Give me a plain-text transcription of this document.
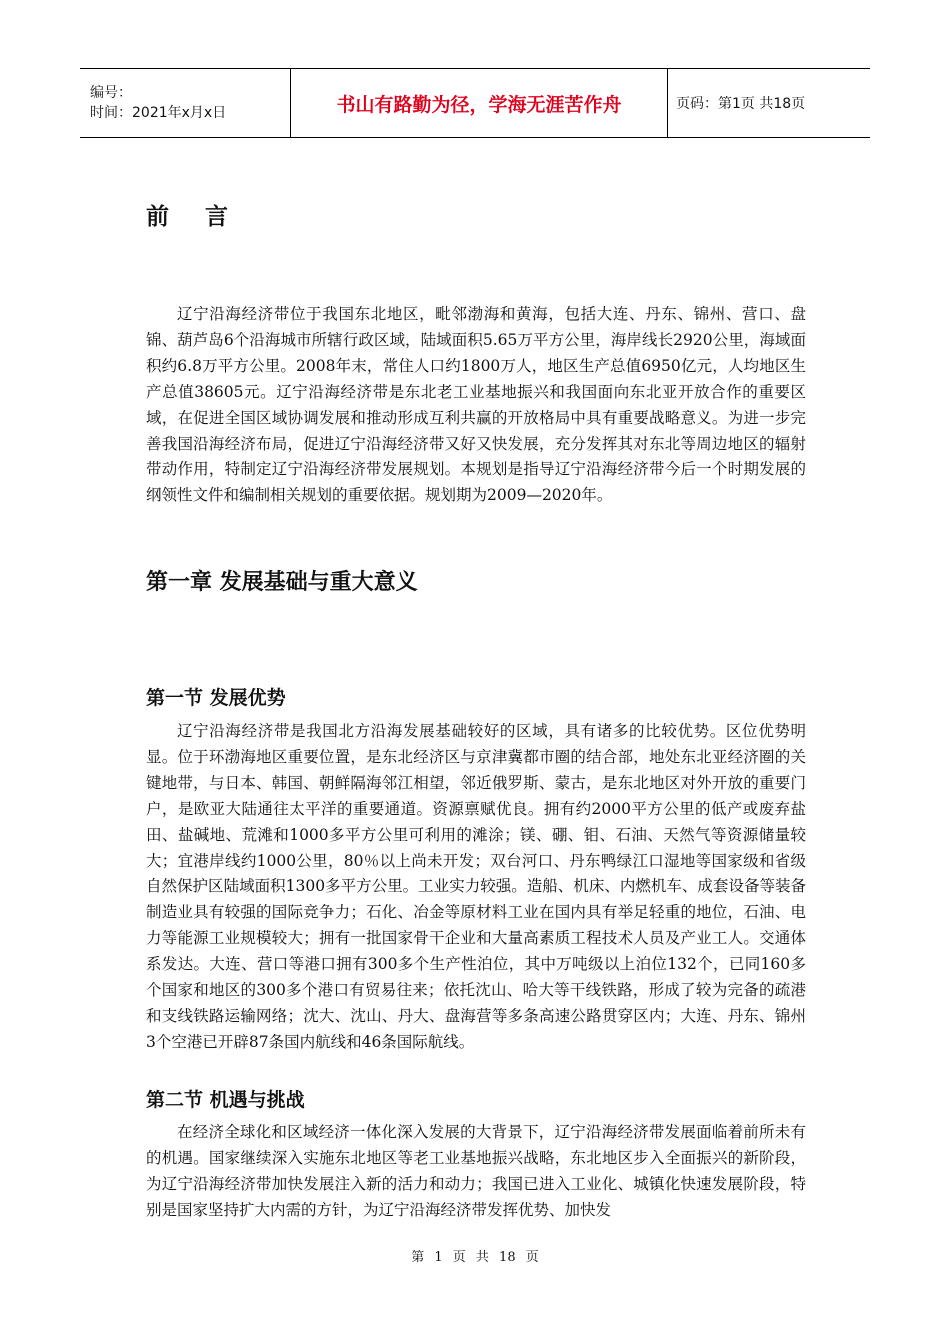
编号：
时间：2021年x月x日	书山有路勤为径，学海无涯苦作舟	页码：第1页 共18页
前 言

辽宁沿海经济带位于我国东北地区，毗邻渤海和黄海，包括大连、丹东、锦州、营口、盘锦、葫芦岛6个沿海城市所辖行政区域，陆域面积5.65万平方公里，海岸线长2920公里，海域面积约6.8万平方公里。2008年末，常住人口约1800万人，地区生产总值6950亿元，人均地区生产总值38605元。辽宁沿海经济带是东北老工业基地振兴和我国面向东北亚开放合作的重要区域，在促进全国区域协调发展和推动形成互利共赢的开放格局中具有重要战略意义。为进一步完善我国沿海经济布局，促进辽宁沿海经济带又好又快发展，充分发挥其对东北等周边地区的辐射带动作用，特制定辽宁沿海经济带发展规划。本规划是指导辽宁沿海经济带今后一个时期发展的纲领性文件和编制相关规划的重要依据。规划期为2009—2020年。

第一章 发展基础与重大意义
第一节 发展优势

辽宁沿海经济带是我国北方沿海发展基础较好的区域，具有诸多的比较优势。区位优势明显。位于环渤海地区重要位置，是东北经济区与京津冀都市圈的结合部，地处东北亚经济圈的关键地带，与日本、韩国、朝鲜隔海邻江相望，邻近俄罗斯、蒙古，是东北地区对外开放的重要门户，是欧亚大陆通往太平洋的重要通道。资源禀赋优良。拥有约2000平方公里的低产或废弃盐田、盐碱地、荒滩和1000多平方公里可利用的滩涂；镁、硼、钼、石油、天然气等资源储量较大；宜港岸线约1000公里，80％以上尚未开发；双台河口、丹东鸭绿江口湿地等国家级和省级自然保护区陆域面积1300多平方公里。工业实力较强。造船、机床、内燃机车、成套设备等装备制造业具有较强的国际竞争力；石化、冶金等原材料工业在国内具有举足轻重的地位，石油、电力等能源工业规模较大；拥有一批国家骨干企业和大量高素质工程技术人员及产业工人。交通体系发达。大连、营口等港口拥有300多个生产性泊位，其中万吨级以上泊位132个，已同160多个国家和地区的300多个港口有贸易往来；依托沈山、哈大等干线铁路，形成了较为完备的疏港和支线铁路运输网络；沈大、沈山、丹大、盘海营等多条高速公路贯穿区内；大连、丹东、锦州3个空港已开辟87条国内航线和46条国际航线。

第二节 机遇与挑战

在经济全球化和区域经济一体化深入发展的大背景下，辽宁沿海经济带发展面临着前所未有的机遇。国家继续深入实施东北地区等老工业基地振兴战略，东北地区步入全面振兴的新阶段，为辽宁沿海经济带加快发展注入新的活力和动力；我国已进入工业化、城镇化快速发展阶段，特别是国家坚持扩大内需的方针，为辽宁沿海经济带发挥优势、加快发

第 1 页 共 18 页
